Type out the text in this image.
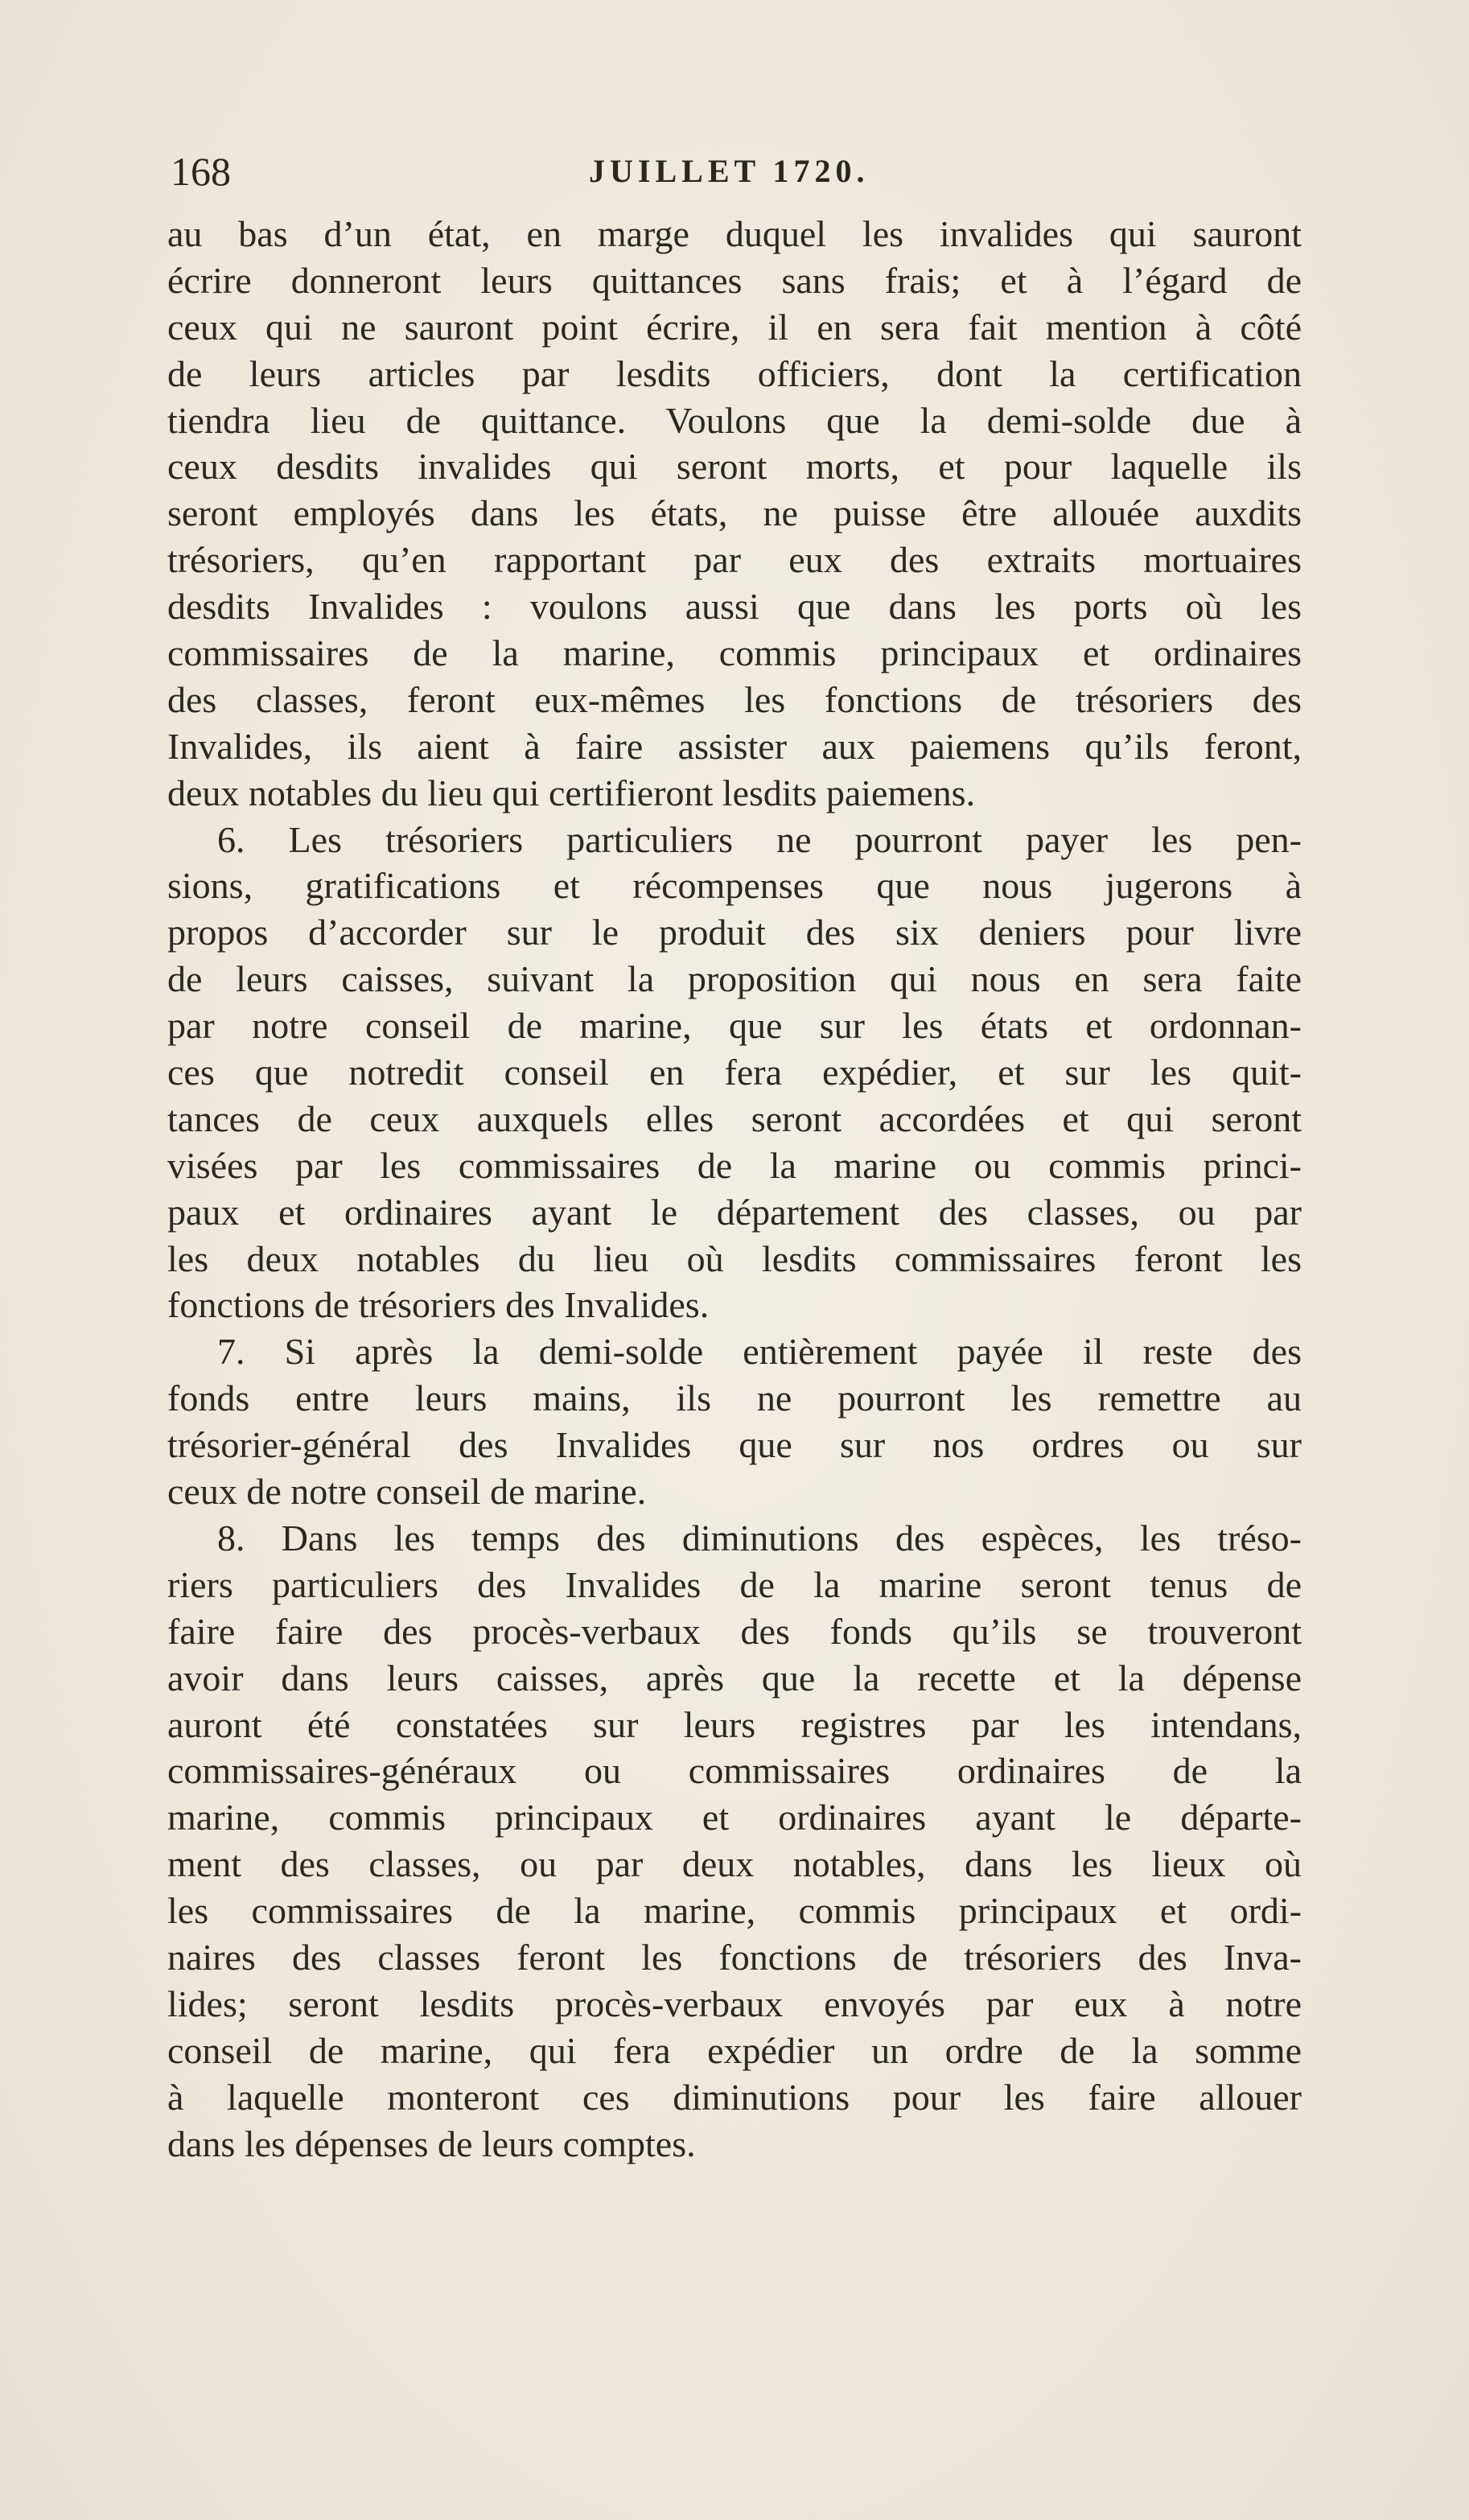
168	JUILLET 1720.
au bas d’un état, en marge duquel les invalides qui sauront
écrire donneront leurs quittances sans frais; et à l’égard de
ceux qui ne sauront point écrire, il en sera fait mention à côté
de leurs articles par lesdits officiers, dont la certification
tiendra lieu de quittance. Voulons que la demi-solde due à
ceux desdits invalides qui seront morts, et pour laquelle ils
seront employés dans les états, ne puisse être allouée auxdits
trésoriers, qu’en rapportant par eux des extraits mortuaires
desdits Invalides : voulons aussi que dans les ports où les
commissaires de la marine, commis principaux et ordinaires
des classes, feront eux-mêmes les fonctions de trésoriers des
Invalides, ils aient à faire assister aux paiemens qu’ils feront,
deux notables du lieu qui certifieront lesdits paiemens.
6. Les trésoriers particuliers ne pourront payer les pen-
sions, gratifications et récompenses que nous jugerons à
propos d’accorder sur le produit des six deniers pour livre
de leurs caisses, suivant la proposition qui nous en sera faite
par notre conseil de marine, que sur les états et ordonnan-
ces que notredit conseil en fera expédier, et sur les quit-
tances de ceux auxquels elles seront accordées et qui seront
visées par les commissaires de la marine ou commis princi-
paux et ordinaires ayant le département des classes, ou par
les deux notables du lieu où lesdits commissaires feront les
fonctions de trésoriers des Invalides.
7. Si après la demi-solde entièrement payée il reste des
fonds entre leurs mains, ils ne pourront les remettre au
trésorier-général des Invalides que sur nos ordres ou sur
ceux de notre conseil de marine.
8. Dans les temps des diminutions des espèces, les tréso-
riers particuliers des Invalides de la marine seront tenus de
faire faire des procès-verbaux des fonds qu’ils se trouveront
avoir dans leurs caisses, après que la recette et la dépense
auront été constatées sur leurs registres par les intendans,
commissaires-généraux ou commissaires ordinaires de la
marine, commis principaux et ordinaires ayant le départe-
ment des classes, ou par deux notables, dans les lieux où
les commissaires de la marine, commis principaux et ordi-
naires des classes feront les fonctions de trésoriers des Inva-
lides; seront lesdits procès-verbaux envoyés par eux à notre
conseil de marine, qui fera expédier un ordre de la somme
à laquelle monteront ces diminutions pour les faire allouer
dans les dépenses de leurs comptes.
